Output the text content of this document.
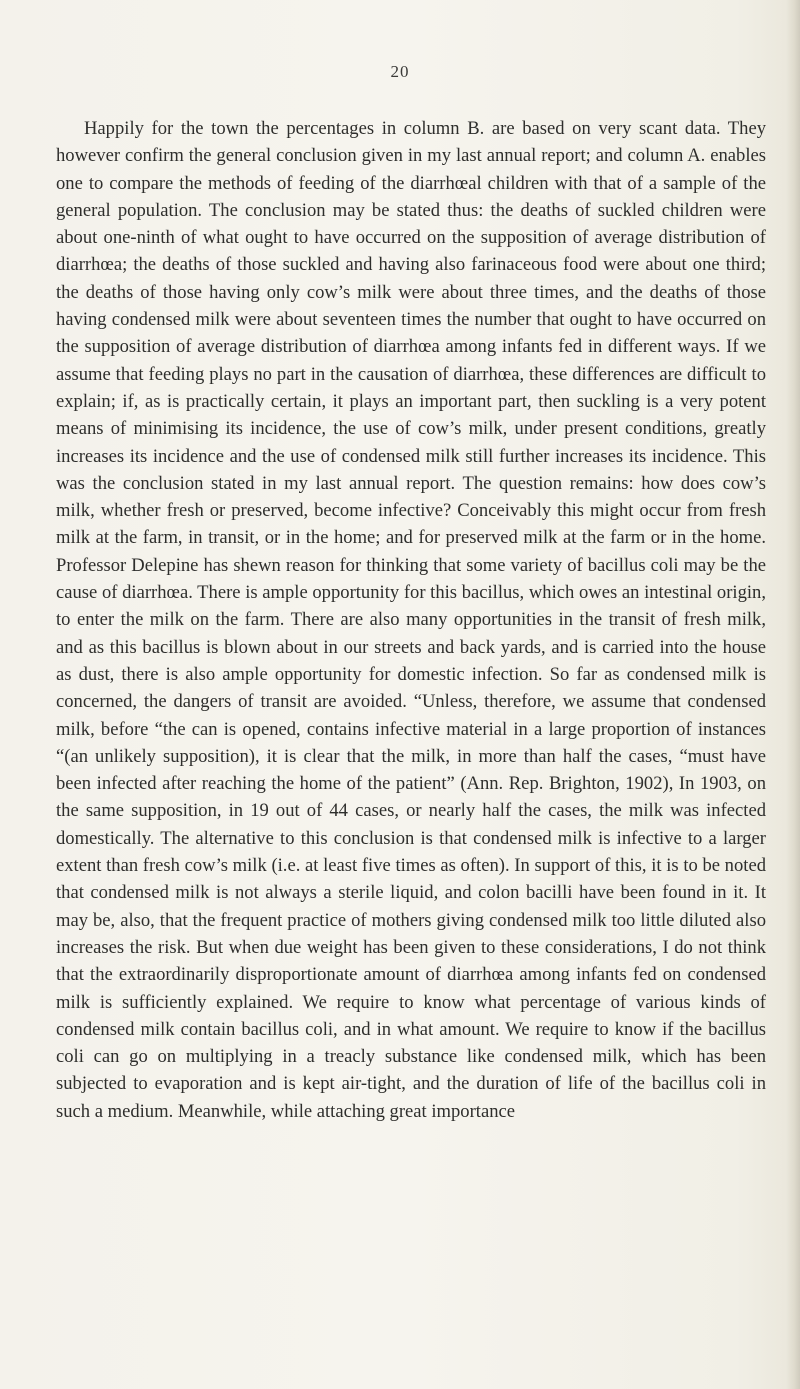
20

Happily for the town the percentages in column B. are based on very scant data. They however confirm the general conclusion given in my last annual report; and column A. enables one to compare the methods of feeding of the diarrhœal children with that of a sample of the general population. The conclusion may be stated thus: the deaths of suckled children were about one-ninth of what ought to have occurred on the supposition of average distribution of diarrhœa; the deaths of those suckled and having also farinaceous food were about one third; the deaths of those having only cow’s milk were about three times, and the deaths of those having condensed milk were about seventeen times the number that ought to have occurred on the supposition of average distribution of diarrhœa among infants fed in different ways. If we assume that feeding plays no part in the causation of diarrhœa, these differences are difficult to explain; if, as is practically certain, it plays an important part, then suckling is a very potent means of minimising its incidence, the use of cow’s milk, under present conditions, greatly increases its incidence and the use of condensed milk still further increases its incidence. This was the conclusion stated in my last annual report. The question remains: how does cow’s milk, whether fresh or preserved, become infective? Conceivably this might occur from fresh milk at the farm, in transit, or in the home; and for preserved milk at the farm or in the home. Professor Delepine has shewn reason for thinking that some variety of bacillus coli may be the cause of diarrhœa. There is ample opportunity for this bacillus, which owes an intestinal origin, to enter the milk on the farm. There are also many opportunities in the transit of fresh milk, and as this bacillus is blown about in our streets and back yards, and is carried into the house as dust, there is also ample opportunity for domestic infection. So far as condensed milk is concerned, the dangers of transit are avoided. “Unless, therefore, we assume that condensed milk, before “the can is opened, contains infective material in a large proportion of instances “(an unlikely supposition), it is clear that the milk, in more than half the cases, “must have been infected after reaching the home of the patient” (Ann. Rep. Brighton, 1902), In 1903, on the same supposition, in 19 out of 44 cases, or nearly half the cases, the milk was infected domestically. The alternative to this conclusion is that condensed milk is infective to a larger extent than fresh cow’s milk (i.e. at least five times as often). In support of this, it is to be noted that condensed milk is not always a sterile liquid, and colon bacilli have been found in it. It may be, also, that the frequent practice of mothers giving condensed milk too little diluted also increases the risk. But when due weight has been given to these considerations, I do not think that the extraordinarily disproportionate amount of diarrhœa among infants fed on condensed milk is sufficiently explained. We require to know what percentage of various kinds of condensed milk contain bacillus coli, and in what amount. We require to know if the bacillus coli can go on multiplying in a treacly substance like condensed milk, which has been subjected to evaporation and is kept air-tight, and the duration of life of the bacillus coli in such a medium. Meanwhile, while attaching great importance
